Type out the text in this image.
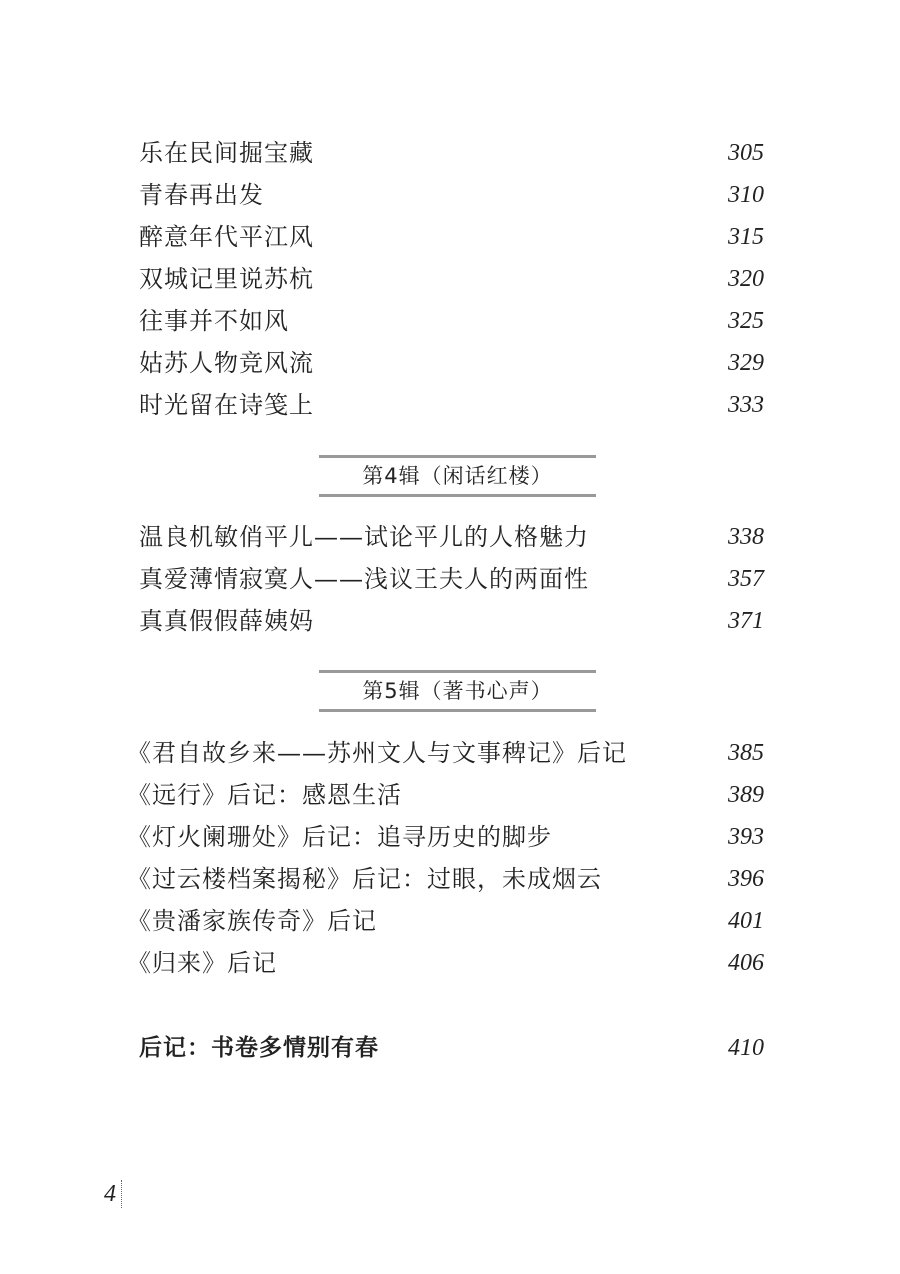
乐在民间掘宝藏	305
青春再出发	310
醉意年代平江风	315
双城记里说苏杭	320
往事并不如风	325
姑苏人物竞风流	329
时光留在诗笺上	333
第4辑（闲话红楼）
温良机敏俏平儿——试论平儿的人格魅力	338
真爱薄情寂寞人——浅议王夫人的两面性	357
真真假假薛姨妈	371
第5辑（著书心声）
《君自故乡来——苏州文人与文事稗记》后记	385
《远行》后记：感恩生活	389
《灯火阑珊处》后记：追寻历史的脚步	393
《过云楼档案揭秘》后记：过眼，未成烟云	396
《贵潘家族传奇》后记	401
《归来》后记	406
后记：书卷多情别有春	410
4
